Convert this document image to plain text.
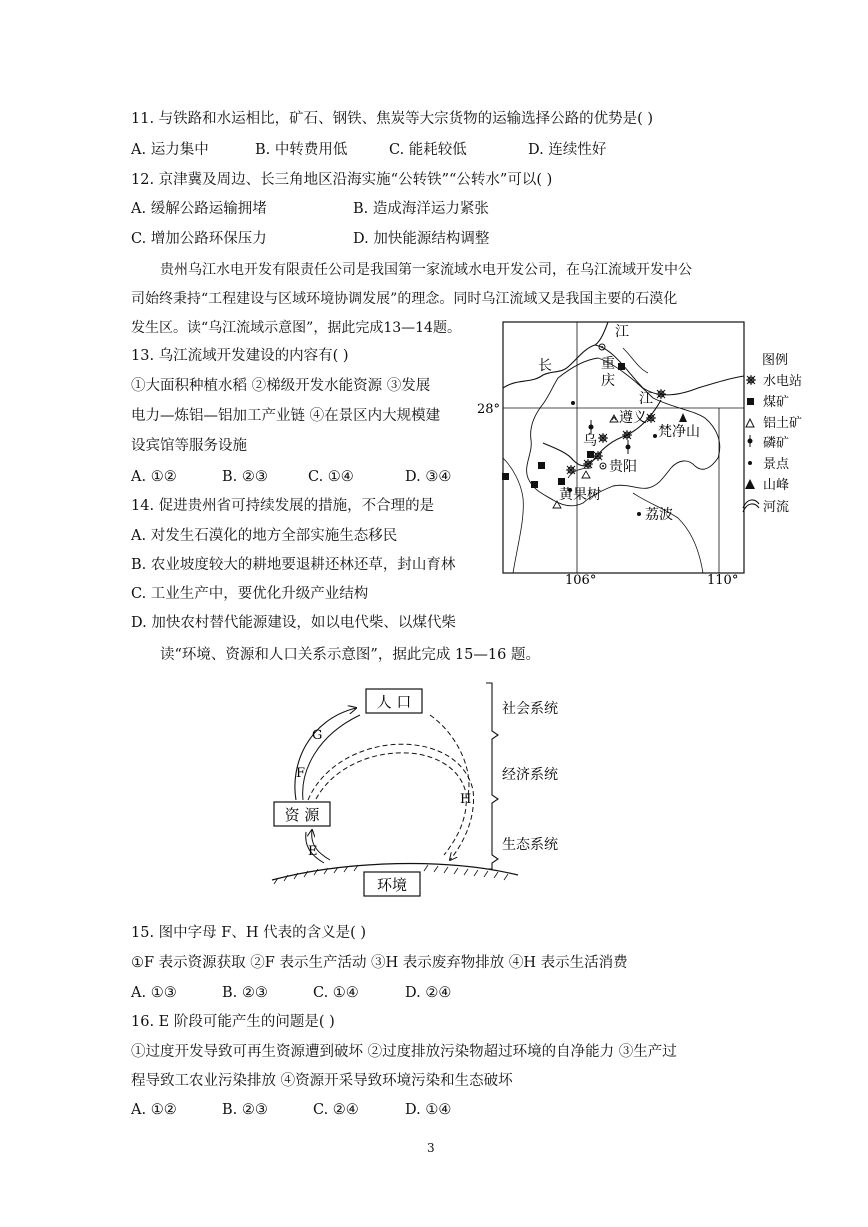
11. 与铁路和水运相比，矿石、钢铁、焦炭等大宗货物的运输选择公路的优势是( )
A. 运力集中	B. 中转费用低	C. 能耗较低	D. 连续性好
12. 京津冀及周边、长三角地区沿海实施“公转铁”“公转水”可以( )
A. 缓解公路运输拥堵	B. 造成海洋运力紧张
C. 增加公路环保压力	D. 加快能源结构调整
贵州乌江水电开发有限责任公司是我国第一家流域水电开发公司，在乌江流域开发中公
司始终秉持“工程建设与区域环境协调发展”的理念。同时乌江流域又是我国主要的石漠化
发生区。读“乌江流域示意图”，据此完成13—14题。
13. 乌江流域开发建设的内容有( )
①大面积种植水稻 ②梯级开发水能资源 ③发展
电力—炼铝—铝加工产业链 ④在景区内大规模建
设宾馆等服务设施
A. ①②	B. ②③	C. ①④	D. ③④
14. 促进贵州省可持续发展的措施，不合理的是
A. 对发生石漠化的地方全部实施生态移民
B. 农业坡度较大的耕地要退耕还林还草，封山育林
C. 工业生产中，要优化升级产业结构
D. 加快农村替代能源建设，如以电代柴、以煤代柴
江
长	重
庆
江
遵义
梵净山
乌
贵阳
黄果树
荔波
28°
106°	110°
图例
水电站
煤矿
铝土矿
磷矿
景点
山峰
河流
读“环境、资源和人口关系示意图”，据此完成 15—16 题。
人 口
资 源
环境
E
G
F
H
社会系统
经济系统
生态系统
15. 图中字母 F、H 代表的含义是( )
①F 表示资源获取 ②F 表示生产活动 ③H 表示废弃物排放 ④H 表示生活消费
A. ①③	B. ②③	C. ①④	D. ②④
16. E 阶段可能产生的问题是( )
①过度开发导致可再生资源遭到破坏 ②过度排放污染物超过环境的自净能力 ③生产过
程导致工农业污染排放 ④资源开采导致环境污染和生态破坏
A. ①②	B. ②③	C. ②④	D. ①④
3
